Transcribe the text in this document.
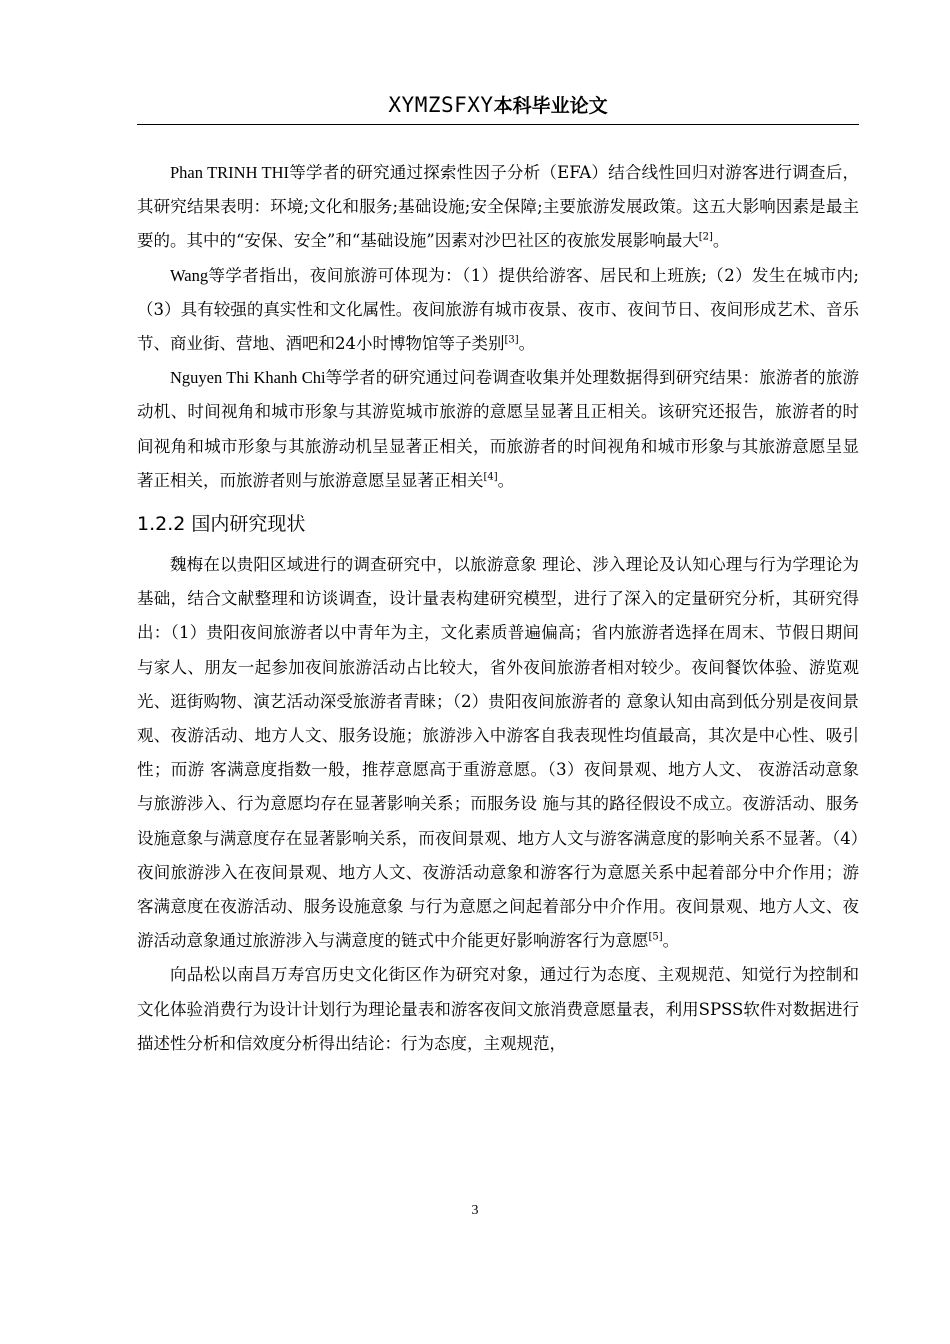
XYMZSFXY本科毕业论文

Phan TRINH THI等学者的研究通过探索性因子分析（EFA）结合线性回归对游客进行调查后，其研究结果表明：环境;文化和服务;基础设施;安全保障;主要旅游发展政策。这五大影响因素是最主要的。其中的“安保、安全”和“基础设施”因素对沙巴社区的夜旅发展影响最大[2]。

Wang等学者指出，夜间旅游可体现为：（1）提供给游客、居民和上班族;（2）发生在城市内;（3）具有较强的真实性和文化属性。夜间旅游有城市夜景、夜市、夜间节日、夜间形成艺术、音乐节、商业街、营地、酒吧和24小时博物馆等子类别[3]。

Nguyen Thi Khanh Chi等学者的研究通过问卷调查收集并处理数据得到研究结果：旅游者的旅游动机、时间视角和城市形象与其游览城市旅游的意愿呈显著且正相关。该研究还报告，旅游者的时间视角和城市形象与其旅游动机呈显著正相关，而旅游者的时间视角和城市形象与其旅游意愿呈显著正相关，而旅游者则与旅游意愿呈显著正相关[4]。

1.2.2 国内研究现状

魏梅在以贵阳区域进行的调查研究中，以旅游意象 理论、涉入理论及认知心理与行为学理论为基础，结合文献整理和访谈调查，设计量表构建研究模型，进行了深入的定量研究分析，其研究得出：（1）贵阳夜间旅游者以中青年为主，文化素质普遍偏高；省内旅游者选择在周末、节假日期间与家人、朋友一起参加夜间旅游活动占比较大，省外夜间旅游者相对较少。夜间餐饮体验、游览观光、逛街购物、演艺活动深受旅游者青睐；（2）贵阳夜间旅游者的 意象认知由高到低分别是夜间景观、夜游活动、地方人文、服务设施；旅游涉入中游客自我表现性均值最高，其次是中心性、吸引性；而游 客满意度指数一般，推荐意愿高于重游意愿。（3）夜间景观、地方人文、 夜游活动意象与旅游涉入、行为意愿均存在显著影响关系；而服务设 施与其的路径假设不成立。夜游活动、服务设施意象与满意度存在显著影响关系，而夜间景观、地方人文与游客满意度的影响关系不显著。（4）夜间旅游涉入在夜间景观、地方人文、夜游活动意象和游客行为意愿关系中起着部分中介作用；游客满意度在夜游活动、服务设施意象 与行为意愿之间起着部分中介作用。夜间景观、地方人文、夜游活动意象通过旅游涉入与满意度的链式中介能更好影响游客行为意愿[5]。

向品松以南昌万寿宫历史文化街区作为研究对象，通过行为态度、主观规范、知觉行为控制和文化体验消费行为设计计划行为理论量表和游客夜间文旅消费意愿量表，利用SPSS软件对数据进行描述性分析和信效度分析得出结论：行为态度，主观规范，

3
